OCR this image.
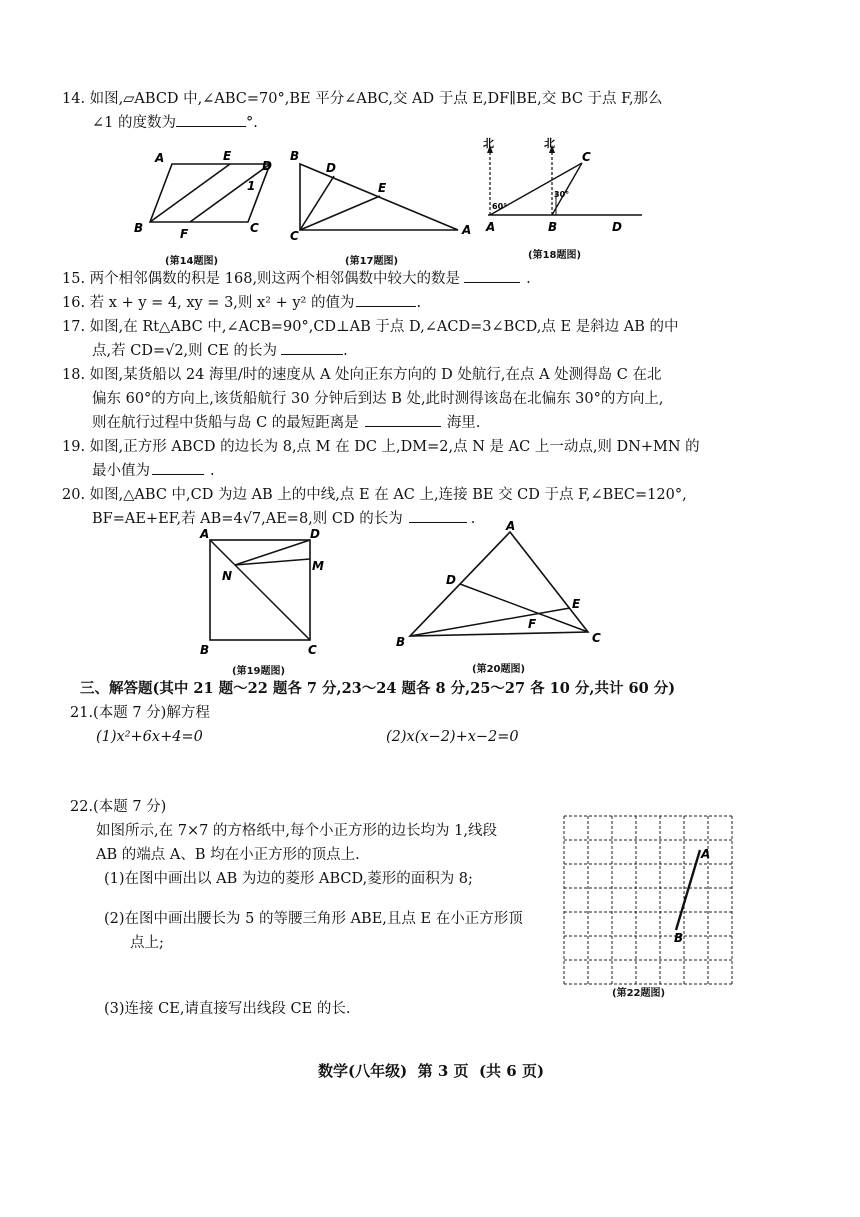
14. 如图,▱ABCD 中,∠ABC=70°,BE 平分∠ABC,交 AD 于点 E,DF∥BE,交 BC 于点 F,那么
∠1 的度数为	°.
A	E
D
1
B	F	C
(第14题图)
B
D
E
C	A
(第17题图)
北	北
60°
30°
C
A	B	D
(第18题图)
15. 两个相邻偶数的积是 168,则这两个相邻偶数中较大的数是	.
16. 若 x + y = 4, xy = 3,则 x² + y² 的值为	.
17. 如图,在 Rt△ABC 中,∠ACB=90°,CD⊥AB 于点 D,∠ACD=3∠BCD,点 E 是斜边 AB 的中
点,若 CD=√2,则 CE 的长为	.
18. 如图,某货船以 24 海里/时的速度从 A 处向正东方向的 D 处航行,在点 A 处测得岛 C 在北
偏东 60°的方向上,该货船航行 30 分钟后到达 B 处,此时测得该岛在北偏东 30°的方向上,
则在航行过程中货船与岛 C 的最短距离是	海里.
19. 如图,正方形 ABCD 的边长为 8,点 M 在 DC 上,DM=2,点 N 是 AC 上一动点,则 DN+MN 的
最小值为	.
20. 如图,△ABC 中,CD 为边 AB 上的中线,点 E 在 AC 上,连接 BE 交 CD 于点 F,∠BEC=120°,
BF=AE+EF,若 AB=4√7,AE=8,则 CD 的长为	.
A	D
M
N
B	C
(第19题图)
A
D
E
F
B	C
(第20题图)
三、解答题(其中 21 题～22 题各 7 分,23～24 题各 8 分,25～27 各 10 分,共计 60 分)
21.(本题 7 分)解方程
(1)x²+6x+4=0	(2)x(x−2)+x−2=0
22.(本题 7 分)
如图所示,在 7×7 的方格纸中,每个小正方形的边长均为 1,线段
AB 的端点 A、B 均在小正方形的顶点上.
(1)在图中画出以 AB 为边的菱形 ABCD,菱形的面积为 8;
(2)在图中画出腰长为 5 的等腰三角形 ABE,且点 E 在小正方形顶
点上;
(3)连接 CE,请直接写出线段 CE 的长.
A
B
(第22题图)
数学(八年级)  第 3 页  (共 6 页)
